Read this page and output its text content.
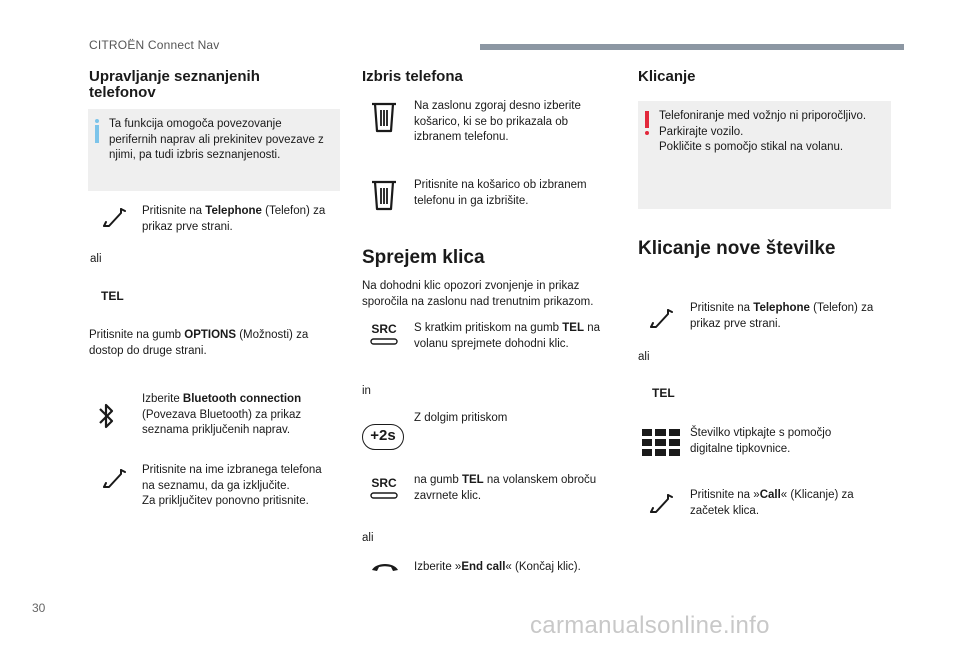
CITROËN Connect Nav
Upravljanje seznanjenih
telefonov
Ta funkcija omogoča povezovanje
perifernih naprav ali prekinitev povezave z
njimi, pa tudi izbris seznanjenosti.
Pritisnite na Telephone (Telefon) za
prikaz prve strani.
ali
TEL
Pritisnite na gumb OPTIONS (Možnosti) za
dostop do druge strani.
Izberite Bluetooth connection
(Povezava Bluetooth) za prikaz
seznama priključenih naprav.
Pritisnite na ime izbranega telefona
na seznamu, da ga izključite.
Za priključitev ponovno pritisnite.
Izbris telefona
Na zaslonu zgoraj desno izberite
košarico, ki se bo prikazala ob
izbranem telefonu.
Pritisnite na košarico ob izbranem
telefonu in ga izbrišite.
Sprejem klica
Na dohodni klic opozori zvonjenje in prikaz
sporočila na zaslonu nad trenutnim prikazom.
SRC	S kratkim pritiskom na gumb TEL na
volanu sprejmete dohodni klic.
in
+2s
Z dolgim pritiskom
SRC	na gumb TEL na volanskem obroču
zavrnete klic.
ali
Izberite »End call« (Končaj klic).
Klicanje
Telefoniranje med vožnjo ni priporočljivo.
Parkirajte vozilo.
Pokličite s pomočjo stikal na volanu.
Klicanje nove številke
Pritisnite na Telephone (Telefon) za
prikaz prve strani.
ali
TEL
Številko vtipkajte s pomočjo
digitalne tipkovnice.
Pritisnite na »Call« (Klicanje) za
začetek klica.
30
carmanualsonline.info
